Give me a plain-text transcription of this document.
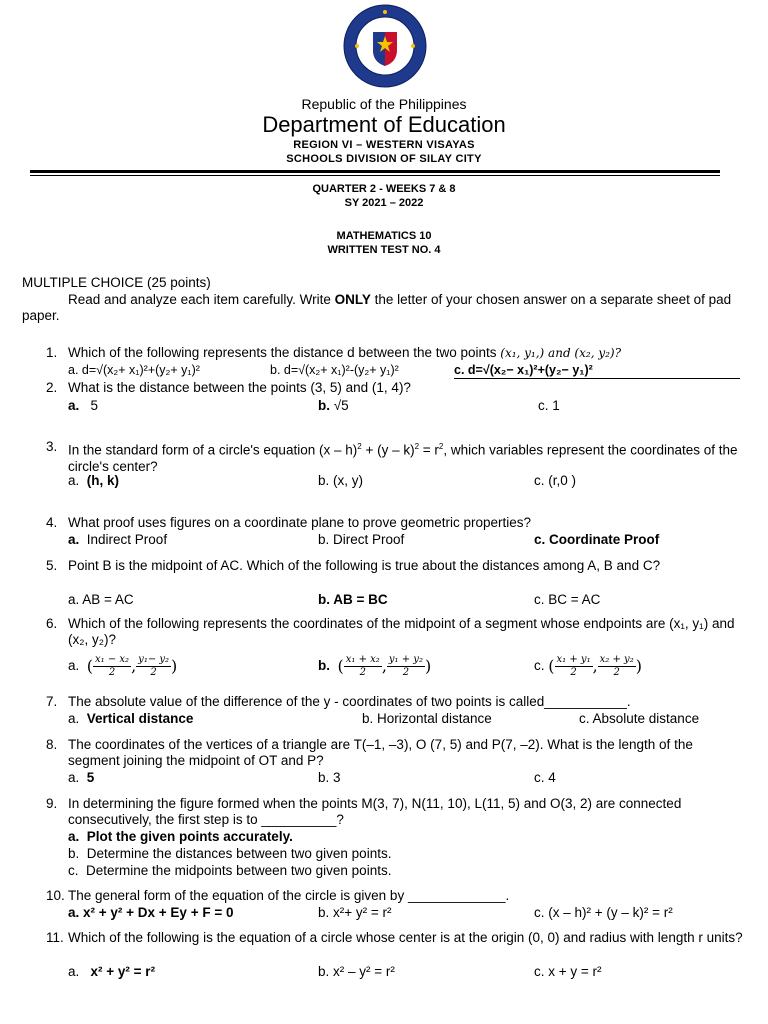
Republic of the Philippines
Department of Education
REGION VI – WESTERN VISAYAS
SCHOOLS DIVISION OF SILAY CITY
QUARTER 2 - WEEKS 7 & 8
SY 2021 – 2022
MATHEMATICS 10
WRITTEN TEST NO. 4
MULTIPLE CHOICE (25 points)
Read and analyze each item carefully. Write ONLY the letter of your chosen answer on a separate sheet of pad paper.
1. Which of the following represents the distance d between the two points (x₁, y₁,) and (x₂, y₂)?
a. d=√(x₂+ x₁)²+(y₂+ y₁)²	b. d=√(x₂+ x₁)²-(y₂+ y₁)²	c. d=√(x₂− x₁)²+(y₂− y₁)²
2. What is the distance between the points (3, 5) and (1, 4)?
a. 5	b. √5	c. 1
3. In the standard form of a circle's equation $(x - h)^2 + (y - k)^2 = r^2$, which variables represent the coordinates of the circle's center?
a. (h, k)	b. (x, y)	c. (r,0 )
4. What proof uses figures on a coordinate plane to prove geometric properties?
a. Indirect Proof	b. Direct Proof	c. Coordinate Proof
5. Point B is the midpoint of AC. Which of the following is true about the distances among A, B and C?
a. AB = AC	b. AB = BC	c. BC = AC
6. Which of the following represents the coordinates of the midpoint of a segment whose endpoints are (x₁, y₁) and (x₂, y₂)?
a. ( $\frac{\text{x₁ − x₂}}{2}$ , $\frac{\text{y₁− y₂}}{2}$ )	b. ( $\frac{\text{x₁ + x₂}}{2}$ , $\frac{\text{y₁ + y₂}}{2}$ )	c. ( $\frac{\text{x₁ + y₁}}{2}$ , $\frac{\text{x₂ + y₂}}{2}$ )
7. The absolute value of the difference of the y - coordinates of two points is called___________.
a. Vertical distance	b. Horizontal distance	c. Absolute distance
8. The coordinates of the vertices of a triangle are T(–1, –3), O (7, 5) and P(7, –2). What is the length of the segment joining the midpoint of OT and P?
a. 5	b. 3	c. 4
9. In determining the figure formed when the points M(3, 7), N(11, 10), L(11, 5) and O(3, 2) are connected consecutively, the first step is to __________?
a. Plot the given points accurately.
b. Determine the distances between two given points.
c. Determine the midpoints between two given points.
10. The general form of the equation of the circle is given by _____________.
a. x² + y² + Dx + Ey + F = 0	b. x²+ y² = r²	c. (x – h)² + (y – k)² = r²
11. Which of the following is the equation of a circle whose center is at the origin (0, 0) and radius with length r units?
a. x² + y² = r²	b. x² – y² = r²	c. x + y = r²
